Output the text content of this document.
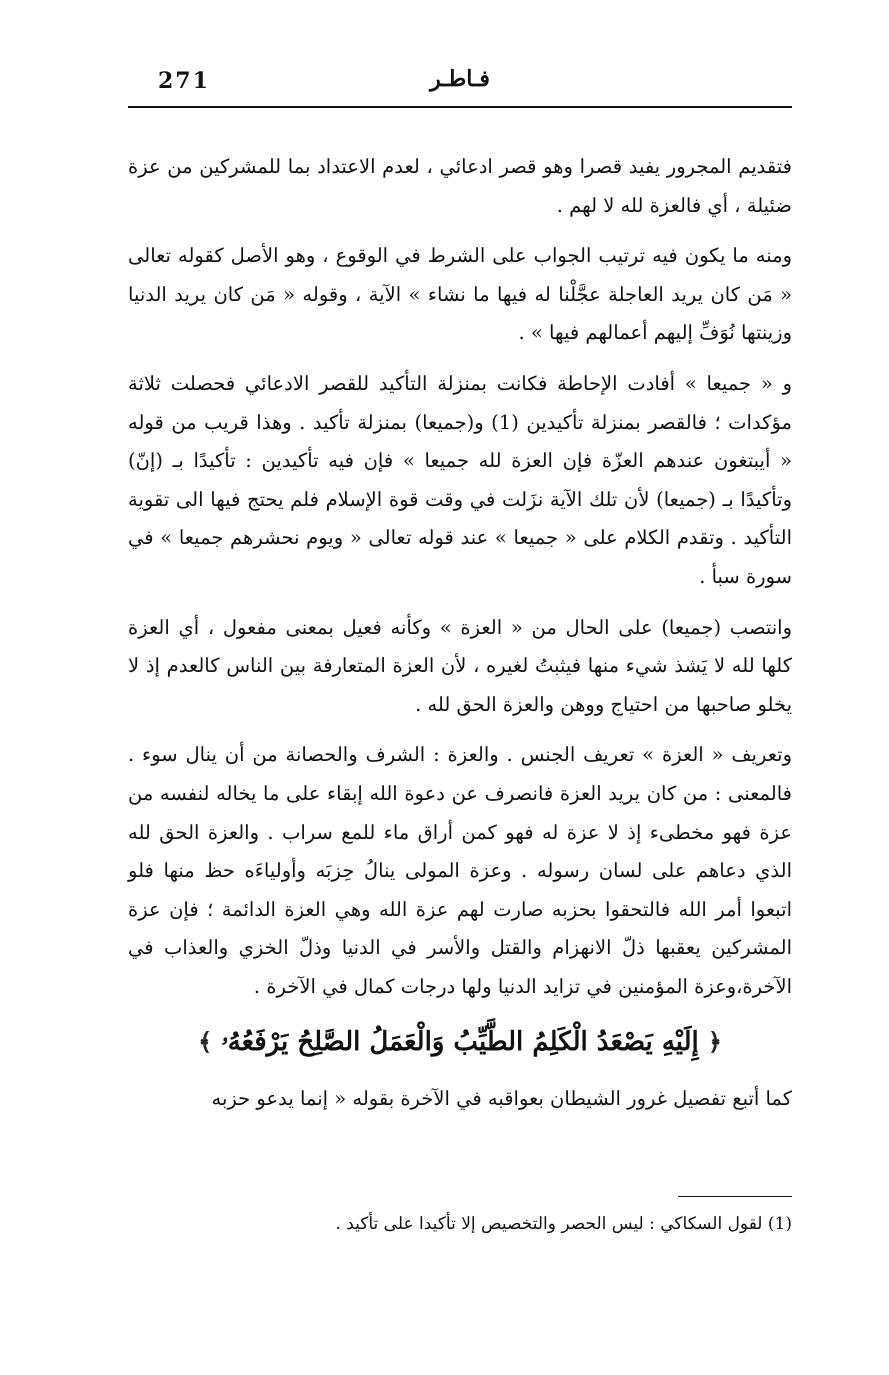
271	فـاطـر

فتقديم المجرور يفيد قصرا وهو قصر ادعائي ، لعدم الاعتداد بما للمشركين من عزة ضئيلة ، أي فالعزة لله لا لهم .

ومنه ما يكون فيه ترتيب الجواب على الشرط في الوقوع ، وهو الأصل كقوله تعالى « مَن كان يريد العاجلة عجَّلْنا له فيها ما نشاء » الآية ، وقوله « مَن كان يريد الدنيا وزينتها نُوَفِّ إليهم أعمالهم فيها » .

و « جميعا » أفادت الإحاطة فكانت بمنزلة التأكيد للقصر الادعائي فحصلت ثلاثة مؤكدات ؛ فالقصر بمنزلة تأكيدين (1) و(جميعا) بمنزلة تأكيد . وهذا قريب من قوله « أيبتغون عندهم العزّة فإن العزة لله جميعا » فإن فيه تأكيدين : تأكيدًا بـ (إنّ) وتأكيدًا بـ (جميعا) لأن تلك الآية نزَلت في وقت قوة الإسلام فلم يحتج فيها الى تقوية التأكيد . وتقدم الكلام على « جميعا » عند قوله تعالى « ويوم نحشرهم جميعا » في سورة سبأ .

وانتصب (جميعا) على الحال من « العزة » وكأنه فعيل بمعنى مفعول ، أي العزة كلها لله لا يَشذ شيء منها فيثبتُ لغيره ، لأن العزة المتعارفة بين الناس كالعدم إذ لا يخلو صاحبها من احتياج ووهن والعزة الحق لله .

وتعريف « العزة » تعريف الجنس . والعزة : الشرف والحصانة من أن ينال سوء . فالمعنى : من كان يريد العزة فانصرف عن دعوة الله إبقاء على ما يخاله لنفسه من عزة فهو مخطىء إذ لا عزة له فهو كمن أراق ماء للمع سراب . والعزة الحق لله الذي دعاهم على لسان رسوله . وعزة المولى ينالُ حِزبَه وأولياءَه حظ منها فلو اتبعوا أمر الله فالتحقوا بحزبه صارت لهم عزة الله وهي العزة الدائمة ؛ فإن عزة المشركين يعقبها ذلّ الانهزام والقتل والأسر في الدنيا وذلّ الخزي والعذاب في الآخرة،وعزة المؤمنين في تزايد الدنيا ولها درجات كمال في الآخرة .

﴿ إِلَيْهِ يَصْعَدُ الْكَلِمُ الطَّيِّبُ وَالْعَمَلُ الصَّلِحُ يَرْفَعُهُۥ ﴾

كما أتبع تفصيل غرور الشيطان بعواقبه في الآخرة بقوله « إنما يدعو حزبه

(1) لقول السكاكي : ليس الحصر والتخصيص إلا تأكيدا على تأكيد .
